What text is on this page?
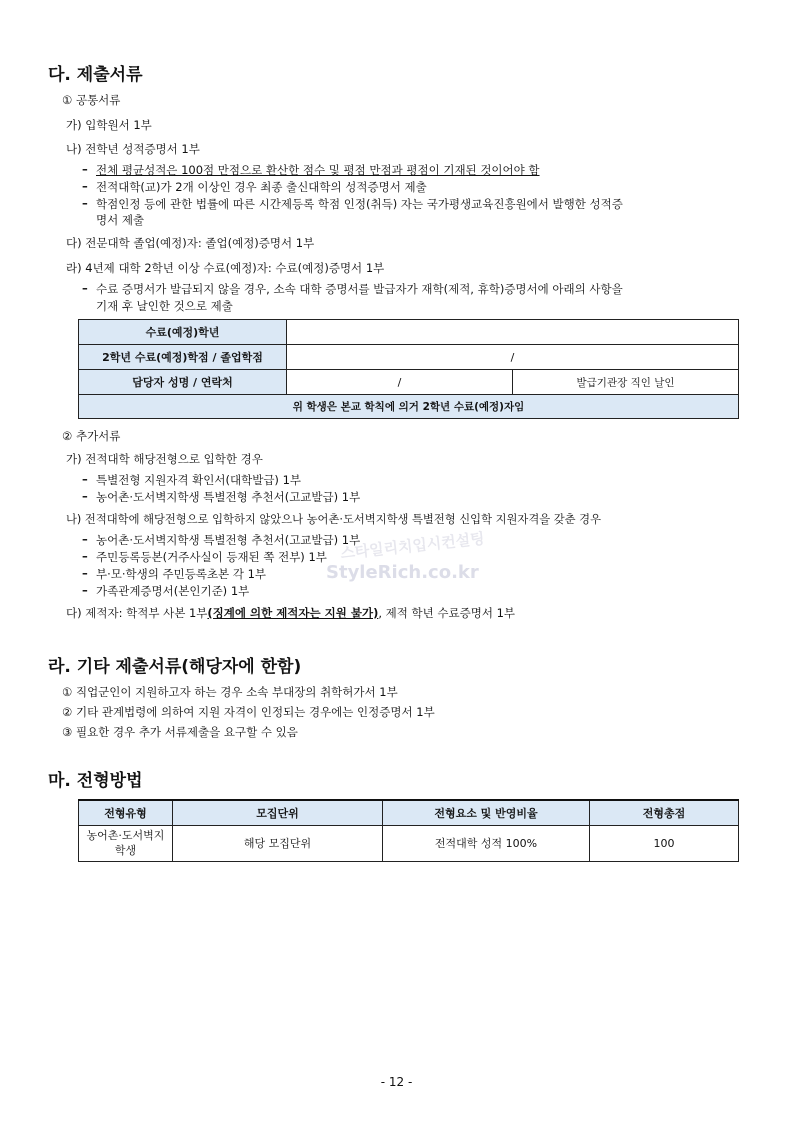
다. 제출서류
① 공통서류
가) 입학원서 1부
나) 전학년 성적증명서 1부
– 전체 평균성적은 100점 만점으로 환산한 점수 및 평점 만점과 평점이 기재된 것이어야 함
– 전적대학(교)가 2개 이상인 경우 최종 출신대학의 성적증명서 제출
– 학점인정 등에 관한 법률에 따른 시간제등록 학점 인정(취득) 자는 국가평생교육진흥원에서 발행한 성적증
명서 제출
다) 전문대학 졸업(예정)자: 졸업(예정)증명서 1부
라) 4년제 대학 2학년 이상 수료(예정)자: 수료(예정)증명서 1부
– 수료 증명서가 발급되지 않을 경우, 소속 대학 증명서를 발급자가 재학(제적, 휴학)증명서에 아래의 사항을
기재 후 날인한 것으로 제출
수료(예정)학년		
2학년 수료(예정)학점 / 졸업학점	/	
담당자 성명 / 연락처	/	발급기관장 직인 날인
위 학생은 본교 학칙에 의거 2학년 수료(예정)자임		
② 추가서류
가) 전적대학 해당전형으로 입학한 경우
– 특별전형 지원자격 확인서(대학발급) 1부
– 농어촌·도서벽지학생 특별전형 추천서(고교발급) 1부
나) 전적대학에 해당전형으로 입학하지 않았으나 농어촌·도서벽지학생 특별전형 신입학 지원자격을 갖춘 경우
– 농어촌·도서벽지학생 특별전형 추천서(고교발급) 1부
– 주민등록등본(거주사실이 등재된 쪽 전부) 1부
– 부·모·학생의 주민등록초본 각 1부
– 가족관계증명서(본인기준) 1부
다) 제적자: 학적부 사본 1부(징계에 의한 제적자는 지원 불가), 제적 학년 수료증명서 1부
스타일리치입시컨설팅
StyleRich.co.kr
라. 기타 제출서류(해당자에 한함)
① 직업군인이 지원하고자 하는 경우 소속 부대장의 취학허가서 1부
② 기타 관계법령에 의하여 지원 자격이 인정되는 경우에는 인정증명서 1부
③ 필요한 경우 추가 서류제출을 요구할 수 있음
마. 전형방법
전형유형	모집단위	전형요소 및 반영비율	전형총점
농어촌·도서벽지
학생	해당 모집단위	전적대학 성적 100%	100
- 12 -
